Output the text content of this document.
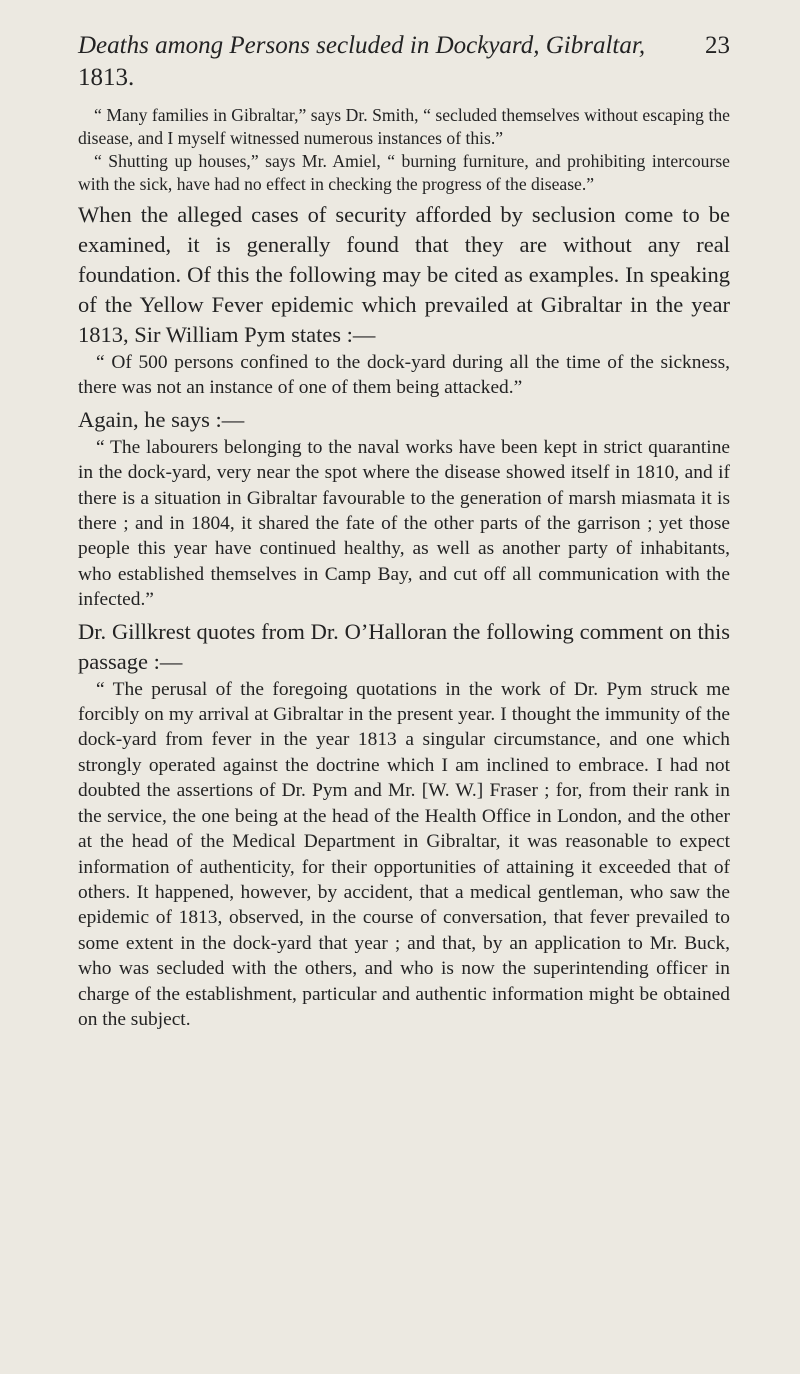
Deaths among Persons secluded in Dockyard, Gibraltar, 1813.
23

“ Many families in Gibraltar,” says Dr. Smith, “ secluded themselves without escaping the disease, and I myself witnessed numerous instances of this.”

“ Shutting up houses,” says Mr. Amiel, “ burning furniture, and prohibiting intercourse with the sick, have had no effect in checking the progress of the disease.”

When the alleged cases of security afforded by seclusion come to be examined, it is generally found that they are without any real foundation. Of this the following may be cited as examples. In speaking of the Yellow Fever epidemic which prevailed at Gibraltar in the year 1813, Sir William Pym states :—

“ Of 500 persons confined to the dock-yard during all the time of the sickness, there was not an instance of one of them being attacked.”

Again, he says :—

“ The labourers belonging to the naval works have been kept in strict quarantine in the dock-yard, very near the spot where the disease showed itself in 1810, and if there is a situation in Gibraltar favourable to the generation of marsh miasmata it is there ; and in 1804, it shared the fate of the other parts of the garrison ; yet those people this year have continued healthy, as well as another party of inhabitants, who established themselves in Camp Bay, and cut off all communication with the infected.”

Dr. Gillkrest quotes from Dr. O’Halloran the following comment on this passage :—

“ The perusal of the foregoing quotations in the work of Dr. Pym struck me forcibly on my arrival at Gibraltar in the present year. I thought the immunity of the dock-yard from fever in the year 1813 a singular circumstance, and one which strongly operated against the doctrine which I am inclined to embrace. I had not doubted the assertions of Dr. Pym and Mr. [W. W.] Fraser ; for, from their rank in the service, the one being at the head of the Health Office in London, and the other at the head of the Medical Department in Gibraltar, it was reasonable to expect information of authenticity, for their opportunities of attaining it exceeded that of others. It happened, however, by accident, that a medical gentleman, who saw the epidemic of 1813, observed, in the course of conversation, that fever prevailed to some extent in the dock-yard that year ; and that, by an application to Mr. Buck, who was secluded with the others, and who is now the superintending officer in charge of the establishment, particular and authentic information might be obtained on the subject.
